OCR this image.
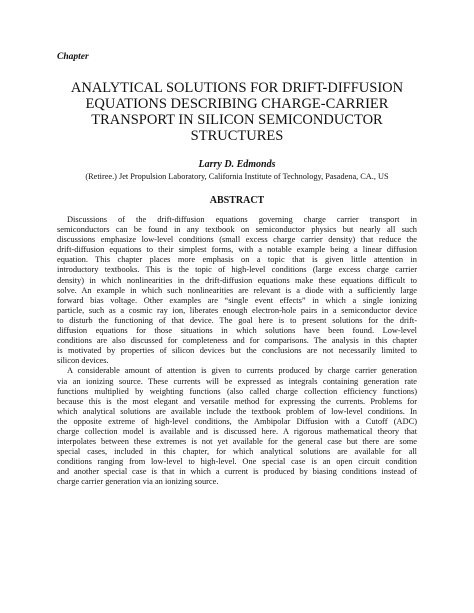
Chapter
ANALYTICAL SOLUTIONS FOR DRIFT-DIFFUSION
EQUATIONS DESCRIBING CHARGE-CARRIER
TRANSPORT IN SILICON SEMICONDUCTOR
STRUCTURES
Larry D. Edmonds
(Retiree.) Jet Propulsion Laboratory, California Institute of Technology, Pasadena, CA., US
ABSTRACT
Discussions of the drift-diffusion equations governing charge carrier transport in
semiconductors can be found in any textbook on semiconductor physics but nearly all such
discussions emphasize low-level conditions (small excess charge carrier density) that reduce the
drift-diffusion equations to their simplest forms, with a notable example being a linear diffusion
equation. This chapter places more emphasis on a topic that is given little attention in
introductory textbooks. This is the topic of high-level conditions (large excess charge carrier
density) in which nonlinearities in the drift-diffusion equations make these equations difficult to
solve. An example in which such nonlinearities are relevant is a diode with a sufficiently large
forward bias voltage. Other examples are “single event effects” in which a single ionizing
particle, such as a cosmic ray ion, liberates enough electron-hole pairs in a semiconductor device
to disturb the functioning of that device. The goal here is to present solutions for the drift-
diffusion equations for those situations in which solutions have been found. Low-level
conditions are also discussed for completeness and for comparisons. The analysis in this chapter
is motivated by properties of silicon devices but the conclusions are not necessarily limited to
silicon devices.
A considerable amount of attention is given to currents produced by charge carrier generation
via an ionizing source. These currents will be expressed as integrals containing generation rate
functions multiplied by weighting functions (also called charge collection efficiency functions)
because this is the most elegant and versatile method for expressing the currents. Problems for
which analytical solutions are available include the textbook problem of low-level conditions. In
the opposite extreme of high-level conditions, the Ambipolar Diffusion with a Cutoff (ADC)
charge collection model is available and is discussed here. A rigorous mathematical theory that
interpolates between these extremes is not yet available for the general case but there are some
special cases, included in this chapter, for which analytical solutions are available for all
conditions ranging from low-level to high-level. One special case is an open circuit condition
and another special case is that in which a current is produced by biasing conditions instead of
charge carrier generation via an ionizing source.
